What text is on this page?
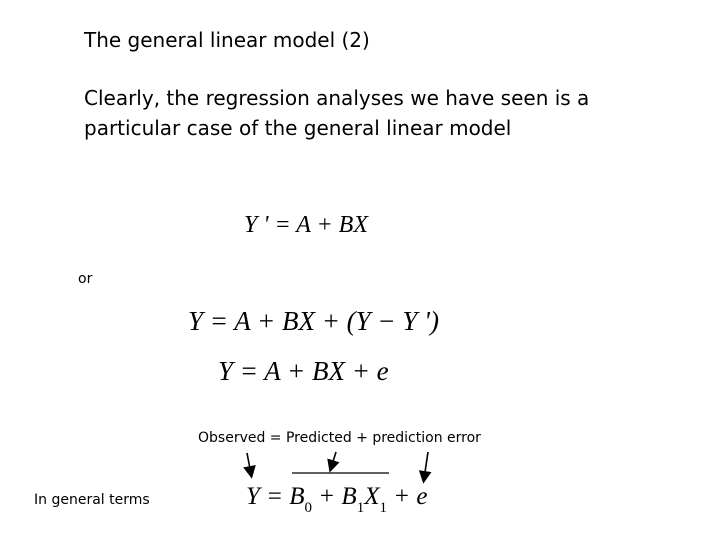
The general linear model (2)
Clearly, the regression analyses we have seen is a
particular case of the general linear model
Y ' = A + BX
or
Y = A + BX + (Y − Y ')
Y = A + BX + e
Observed = Predicted + prediction error
In general terms	$Y = B_0 + B_1X_1 + e$
